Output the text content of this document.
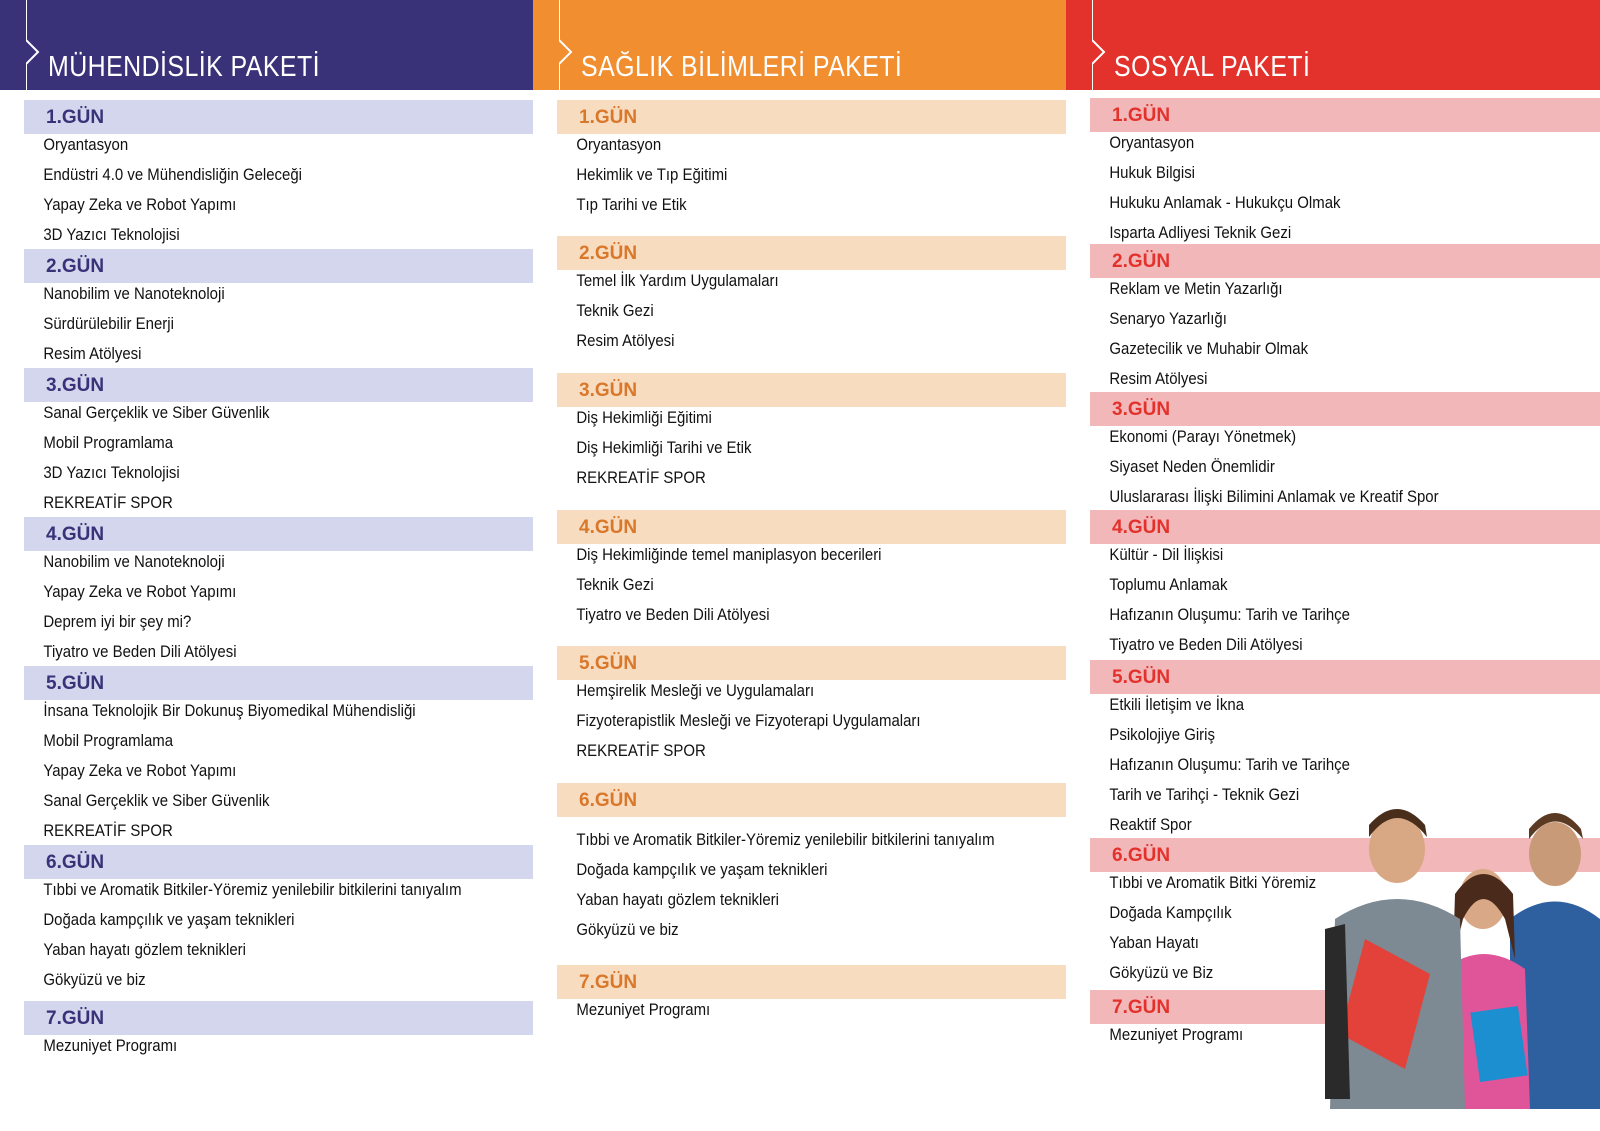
MÜHENDİSLİK PAKETİ
1.GÜN
Oryantasyon
Endüstri 4.0 ve Mühendisliğin Geleceği
Yapay Zeka ve Robot Yapımı
3D Yazıcı Teknolojisi
2.GÜN
Nanobilim ve Nanoteknoloji
Sürdürülebilir Enerji
Resim Atölyesi
3.GÜN
Sanal Gerçeklik ve Siber Güvenlik
Mobil Programlama
3D Yazıcı Teknolojisi
REKREATİF SPOR
4.GÜN
Nanobilim ve Nanoteknoloji
Yapay Zeka ve Robot Yapımı
Deprem iyi bir şey mi?
Tiyatro ve Beden Dili Atölyesi
5.GÜN
İnsana Teknolojik Bir Dokunuş Biyomedikal Mühendisliği
Mobil Programlama
Yapay Zeka ve Robot Yapımı
Sanal Gerçeklik ve Siber Güvenlik
REKREATİF SPOR
6.GÜN
Tıbbi ve Aromatik Bitkiler-Yöremiz yenilebilir bitkilerini tanıyalım
Doğada kampçılık ve yaşam teknikleri
Yaban hayatı gözlem teknikleri
Gökyüzü ve biz
7.GÜN
Mezuniyet Programı
SAĞLIK BİLİMLERİ PAKETİ
1.GÜN
Oryantasyon
Hekimlik ve Tıp Eğitimi
Tıp Tarihi ve Etik
2.GÜN
Temel İlk Yardım Uygulamaları
Teknik Gezi
Resim Atölyesi
3.GÜN
Diş Hekimliği Eğitimi
Diş Hekimliği Tarihi ve Etik
REKREATİF SPOR
4.GÜN
Diş Hekimliğinde temel maniplasyon becerileri
Teknik Gezi
Tiyatro ve Beden Dili Atölyesi
5.GÜN
Hemşirelik Mesleği ve Uygulamaları
Fizyoterapistlik Mesleği ve Fizyoterapi Uygulamaları
REKREATİF SPOR
6.GÜN
Tıbbi ve Aromatik Bitkiler-Yöremiz yenilebilir bitkilerini tanıyalım
Doğada kampçılık ve yaşam teknikleri
Yaban hayatı gözlem teknikleri
Gökyüzü ve biz
7.GÜN
Mezuniyet Programı
SOSYAL PAKETİ
1.GÜN
Oryantasyon
Hukuk Bilgisi
Hukuku Anlamak - Hukukçu Olmak
Isparta Adliyesi Teknik Gezi
2.GÜN
Reklam ve Metin Yazarlığı
Senaryo Yazarlığı
Gazetecilik ve Muhabir Olmak
Resim Atölyesi
3.GÜN
Ekonomi (Parayı Yönetmek)
Siyaset Neden Önemlidir
Uluslararası İlişki Bilimini Anlamak ve Kreatif Spor
4.GÜN
Kültür - Dil İlişkisi
Toplumu Anlamak
Hafızanın Oluşumu: Tarih ve Tarihçe
Tiyatro ve Beden Dili Atölyesi
5.GÜN
Etkili İletişim ve İkna
Psikolojiye Giriş
Hafızanın Oluşumu: Tarih ve Tarihçe
Tarih ve Tarihçi - Teknik Gezi
Reaktif Spor
6.GÜN
Tıbbi ve Aromatik Bitki Yöremiz
Doğada Kampçılık
Yaban Hayatı
Gökyüzü ve Biz
7.GÜN
Mezuniyet Programı
